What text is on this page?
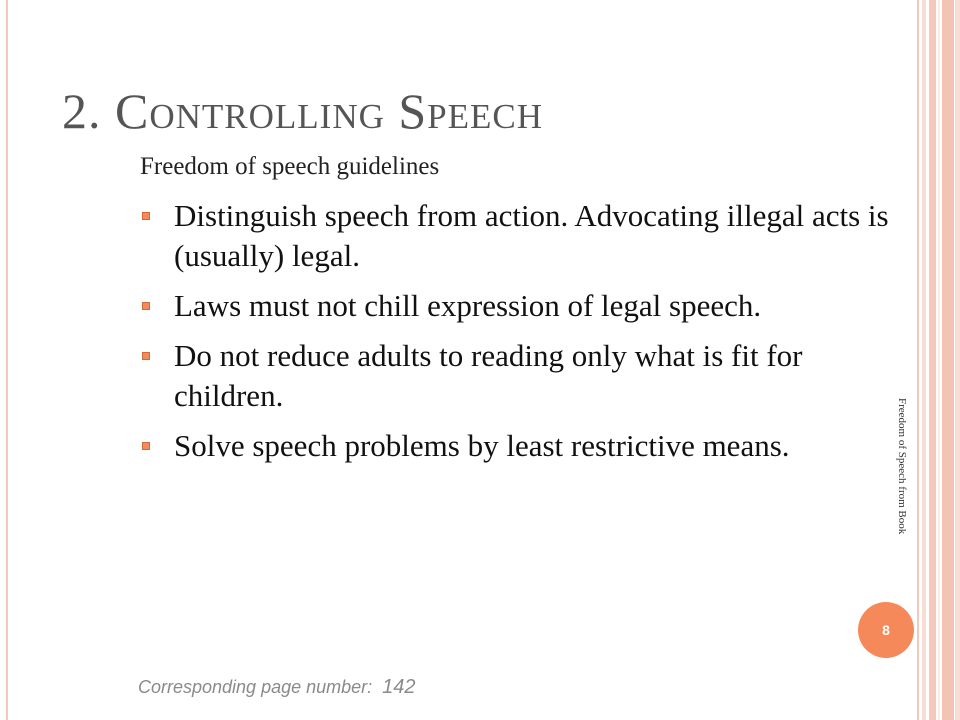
2. Controlling Speech
Freedom of speech guidelines
Distinguish speech from action. Advocating illegal acts is (usually) legal.
Laws must not chill expression of legal speech.
Do not reduce adults to reading only what is fit for children.
Solve speech problems by least restrictive means.	Freedom of Speech from Book
8
Corresponding page number: 142
